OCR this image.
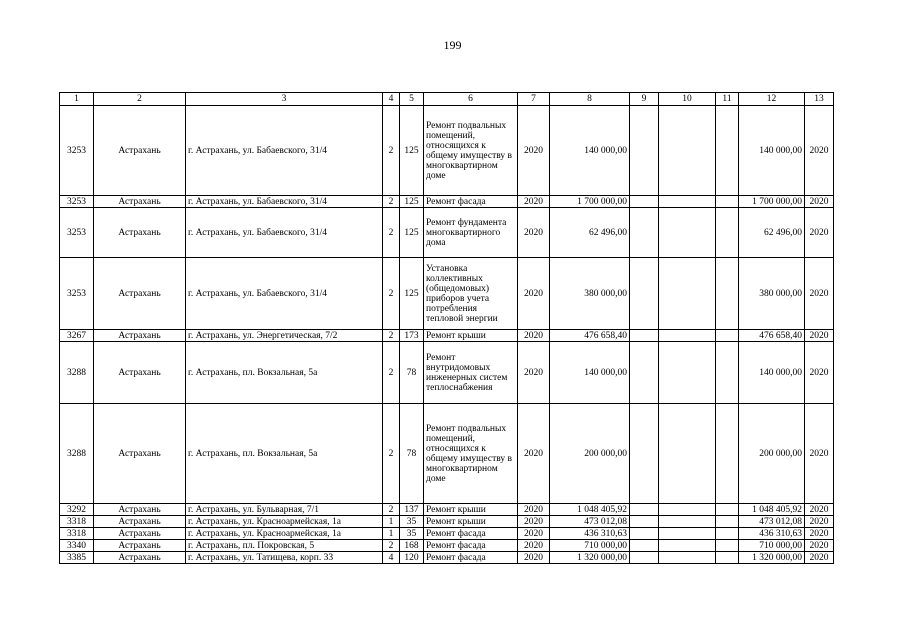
199
1	2	3	4	5	6	7	8	9	10	11	12	13
3253	Астрахань	г. Астрахань, ул. Бабаевского, 31/4	2	125	Ремонт подвальных помещений, относящихся к общему имуществу в многоквартирном доме	2020	140 000,00				140 000,00	2020
3253	Астрахань	г. Астрахань, ул. Бабаевского, 31/4	2	125	Ремонт фасада	2020	1 700 000,00				1 700 000,00	2020
3253	Астрахань	г. Астрахань, ул. Бабаевского, 31/4	2	125	Ремонт фундамента многоквартирного дома	2020	62 496,00				62 496,00	2020
3253	Астрахань	г. Астрахань, ул. Бабаевского, 31/4	2	125	Установка коллективных (общедомовых) приборов учета потребления тепловой энергии	2020	380 000,00				380 000,00	2020
3267	Астрахань	г. Астрахань, ул. Энергетическая, 7/2	2	173	Ремонт крыши	2020	476 658,40				476 658,40	2020
3288	Астрахань	г. Астрахань, пл. Вокзальная, 5а	2	78	Ремонт внутридомовых инженерных систем теплоснабжения	2020	140 000,00				140 000,00	2020
3288	Астрахань	г. Астрахань, пл. Вокзальная, 5а	2	78	Ремонт подвальных помещений, относящихся к общему имуществу в многоквартирном доме	2020	200 000,00				200 000,00	2020
3292	Астрахань	г. Астрахань, ул. Бульварная, 7/1	2	137	Ремонт крыши	2020	1 048 405,92				1 048 405,92	2020
3318	Астрахань	г. Астрахань, ул. Красноармейская, 1а	1	35	Ремонт крыши	2020	473 012,08				473 012,08	2020
3318	Астрахань	г. Астрахань, ул. Красноармейская, 1а	1	35	Ремонт фасада	2020	436 310,63				436 310,63	2020
3340	Астрахань	г. Астрахань, пл. Покровская, 5	2	168	Ремонт фасада	2020	710 000,00				710 000,00	2020
3385	Астрахань	г. Астрахань, ул. Татищева, корп. 33	4	120	Ремонт фасада	2020	1 320 000,00				1 320 000,00	2020
